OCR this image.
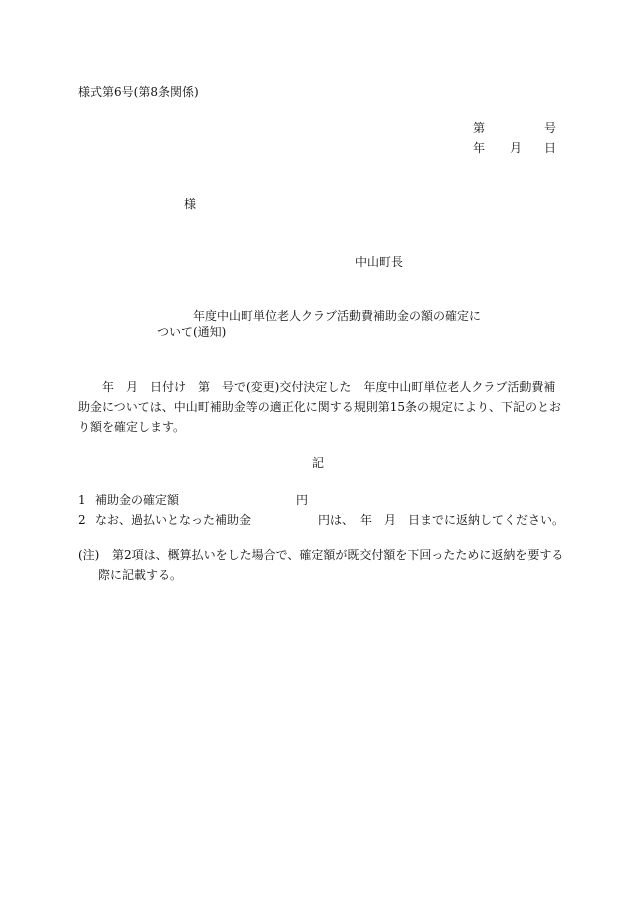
様式第6号(第8条関係)
第	号
年 月 日
様
中山町長
年度中山町単位老人クラブ活動費補助金の額の確定に
ついて(通知)
年　月　日付け　第　号で(変更)交付決定した　年度中山町単位老人クラブ活動費補
助金については、中山町補助金等の適正化に関する規則第15条の規定により、下記のとお
り額を確定します。
記
1 補助金の確定額	円
2 なお、過払いとなった補助金	円は、　年　月　日までに返納してください。
(注) 第2項は、概算払いをした場合で、確定額が既交付額を下回ったために返納を要する
際に記載する。
